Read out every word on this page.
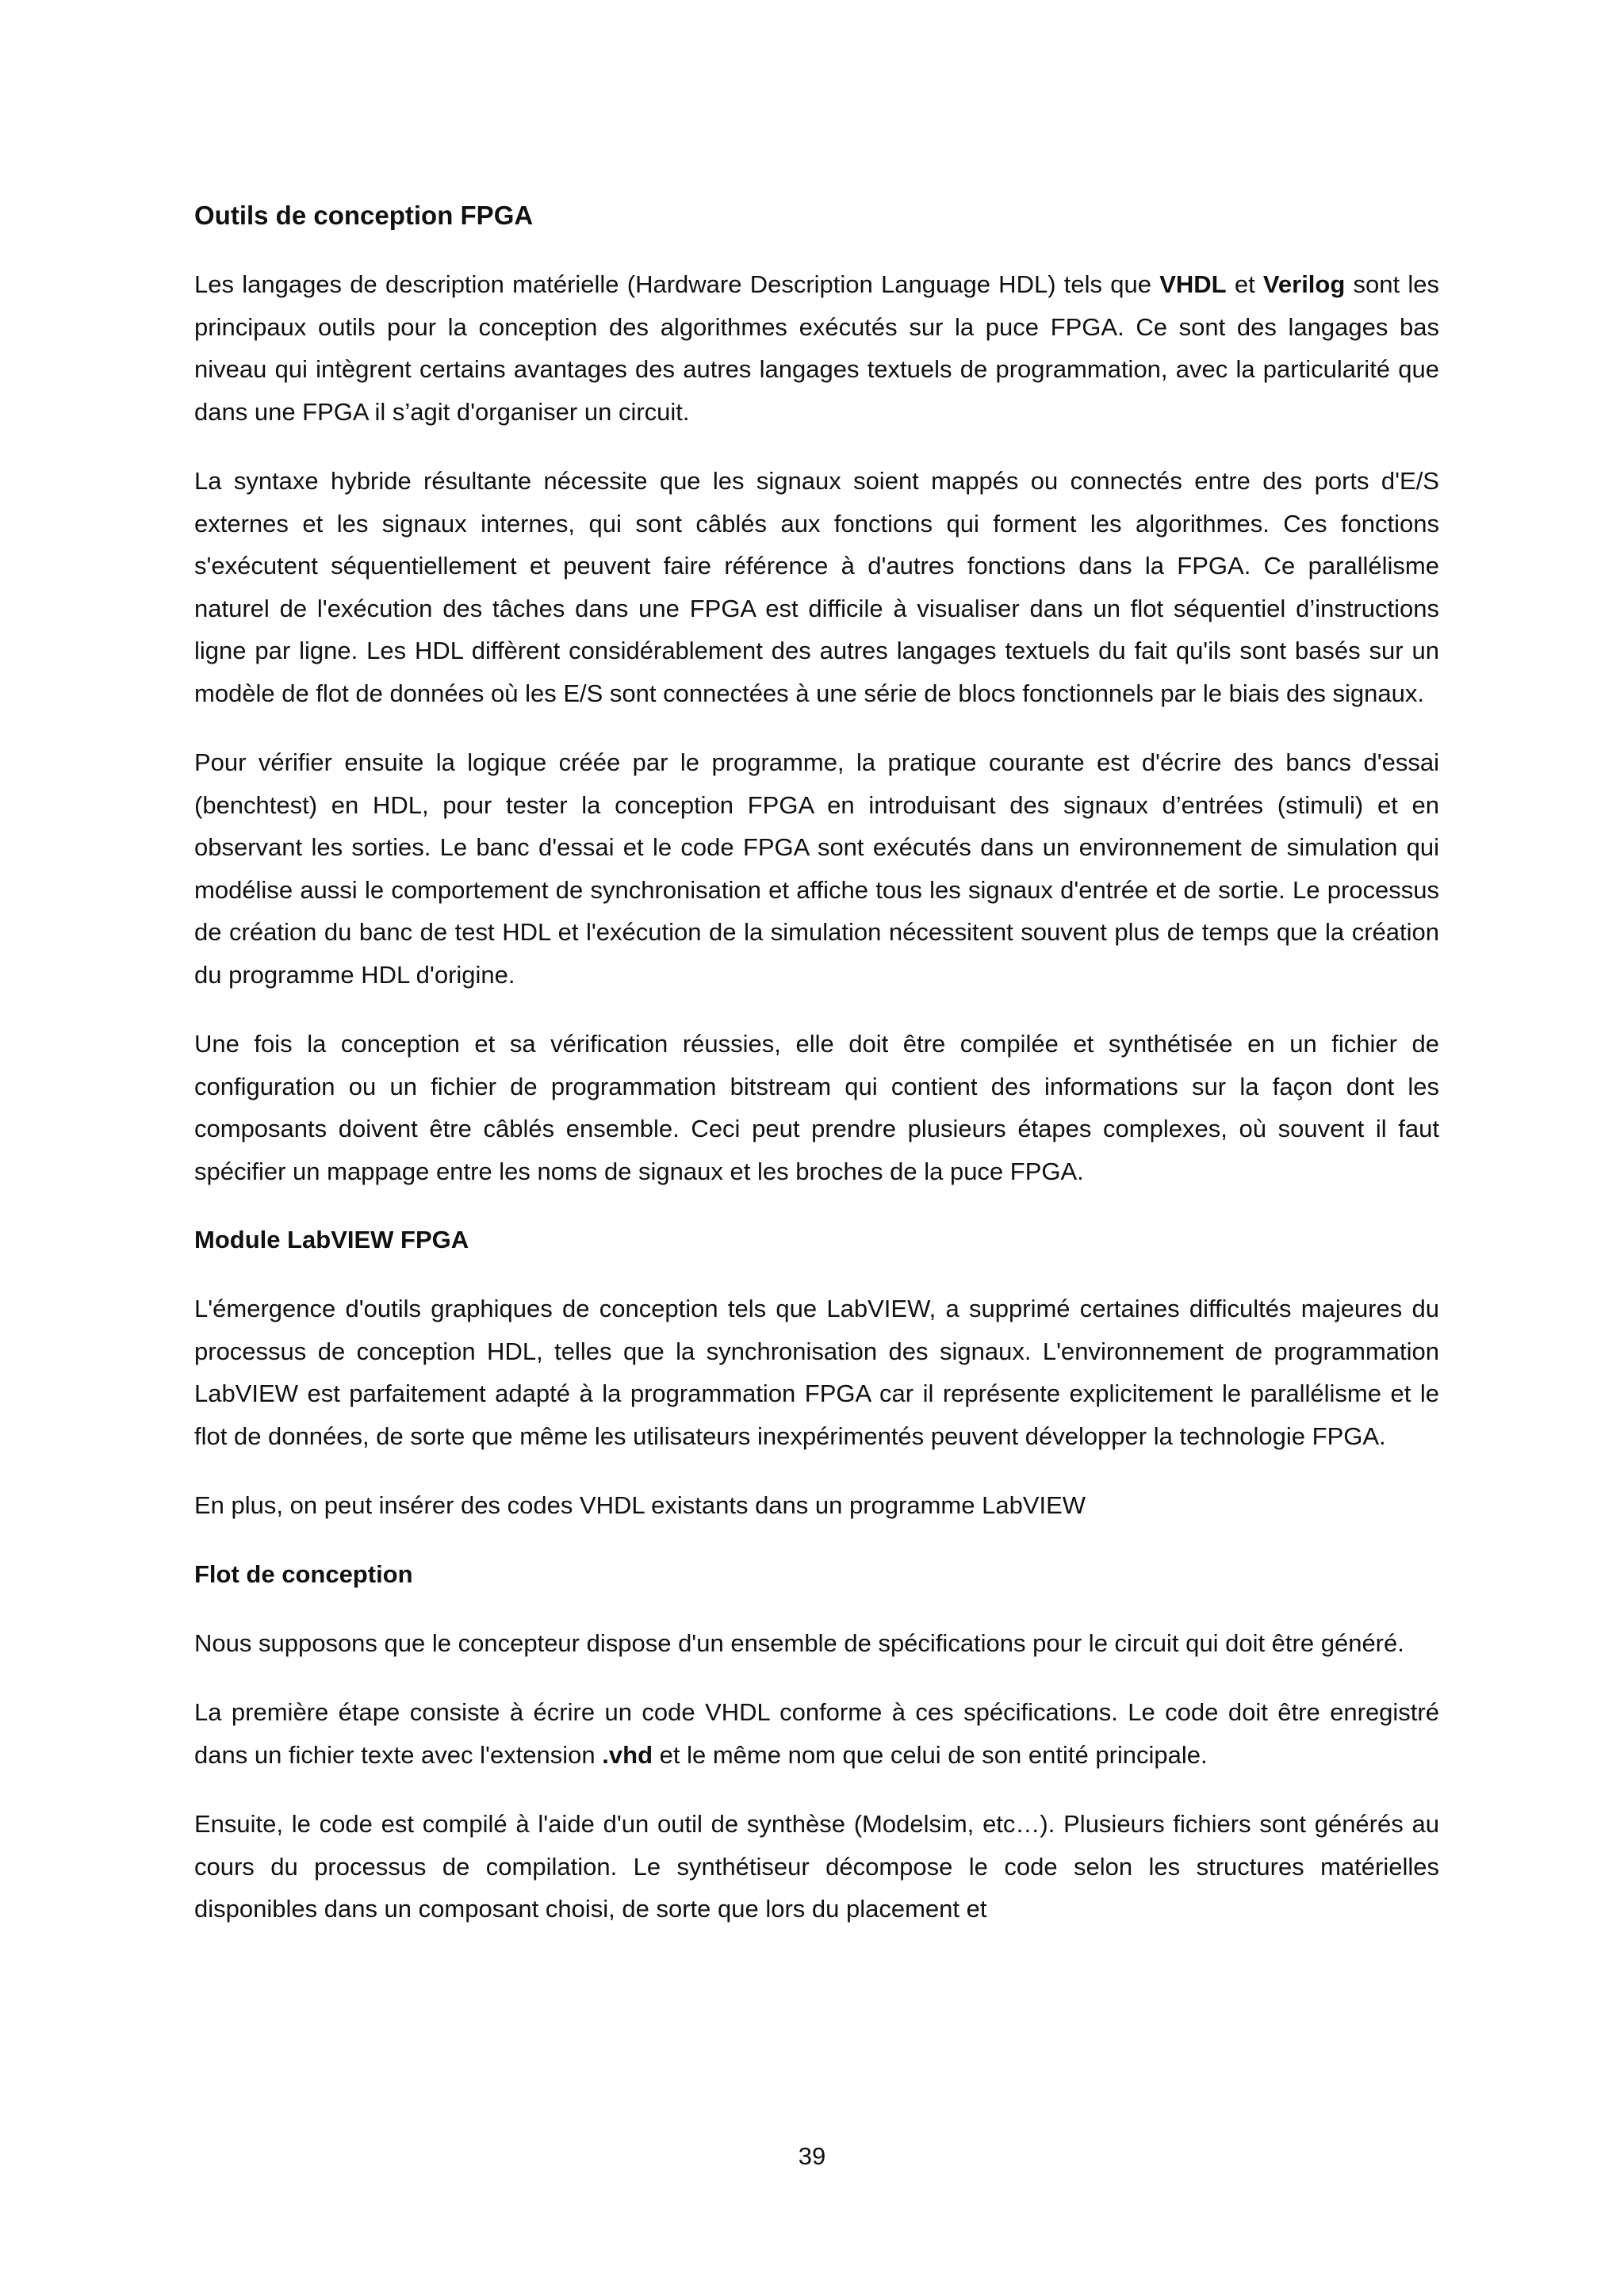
Outils de conception FPGA

Les langages de description matérielle (Hardware Description Language HDL) tels que VHDL et Verilog sont les principaux outils pour la conception des algorithmes exécutés sur la puce FPGA. Ce sont des langages bas niveau qui intègrent certains avantages des autres langages textuels de programmation, avec la particularité que dans une FPGA il s’agit d'organiser un circuit.

La syntaxe hybride résultante nécessite que les signaux soient mappés ou connectés entre des ports d'E/S externes et les signaux internes, qui sont câblés aux fonctions qui forment les algorithmes. Ces fonctions s'exécutent séquentiellement et peuvent faire référence à d'autres fonctions dans la FPGA. Ce parallélisme naturel de l'exécution des tâches dans une FPGA est difficile à visualiser dans un flot séquentiel d’instructions ligne par ligne. Les HDL diffèrent considérablement des autres langages textuels du fait qu'ils sont basés sur un modèle de flot de données où les E/S sont connectées à une série de blocs fonctionnels par le biais des signaux.

Pour vérifier ensuite la logique créée par le programme, la pratique courante est d'écrire des bancs d'essai (benchtest) en HDL, pour tester la conception FPGA en introduisant des signaux d’entrées (stimuli) et en observant les sorties. Le banc d'essai et le code FPGA sont exécutés dans un environnement de simulation qui modélise aussi le comportement de synchronisation et affiche tous les signaux d'entrée et de sortie. Le processus de création du banc de test HDL et l'exécution de la simulation nécessitent souvent plus de temps que la création du programme HDL d'origine.

Une fois la conception et sa vérification réussies, elle doit être compilée et synthétisée en un fichier de configuration ou un fichier de programmation bitstream qui contient des informations sur la façon dont les composants doivent être câblés ensemble. Ceci peut prendre plusieurs étapes complexes, où souvent il faut spécifier un mappage entre les noms de signaux et les broches de la puce FPGA.

Module LabVIEW FPGA

L'émergence d'outils graphiques de conception tels que LabVIEW, a supprimé certaines difficultés majeures du processus de conception HDL, telles que la synchronisation des signaux. L'environnement de programmation LabVIEW est parfaitement adapté à la programmation FPGA car il représente explicitement le parallélisme et le flot de données, de sorte que même les utilisateurs inexpérimentés peuvent développer la technologie FPGA.

En plus, on peut insérer des codes VHDL existants dans un programme LabVIEW

Flot de conception

Nous supposons que le concepteur dispose d'un ensemble de spécifications pour le circuit qui doit être généré.

La première étape consiste à écrire un code VHDL conforme à ces spécifications. Le code doit être enregistré dans un fichier texte avec l'extension .vhd et le même nom que celui de son entité principale.

Ensuite, le code est compilé à l'aide d'un outil de synthèse (Modelsim, etc…). Plusieurs fichiers sont générés au cours du processus de compilation. Le synthétiseur décompose le code selon les structures matérielles disponibles dans un composant choisi, de sorte que lors du placement et

39
